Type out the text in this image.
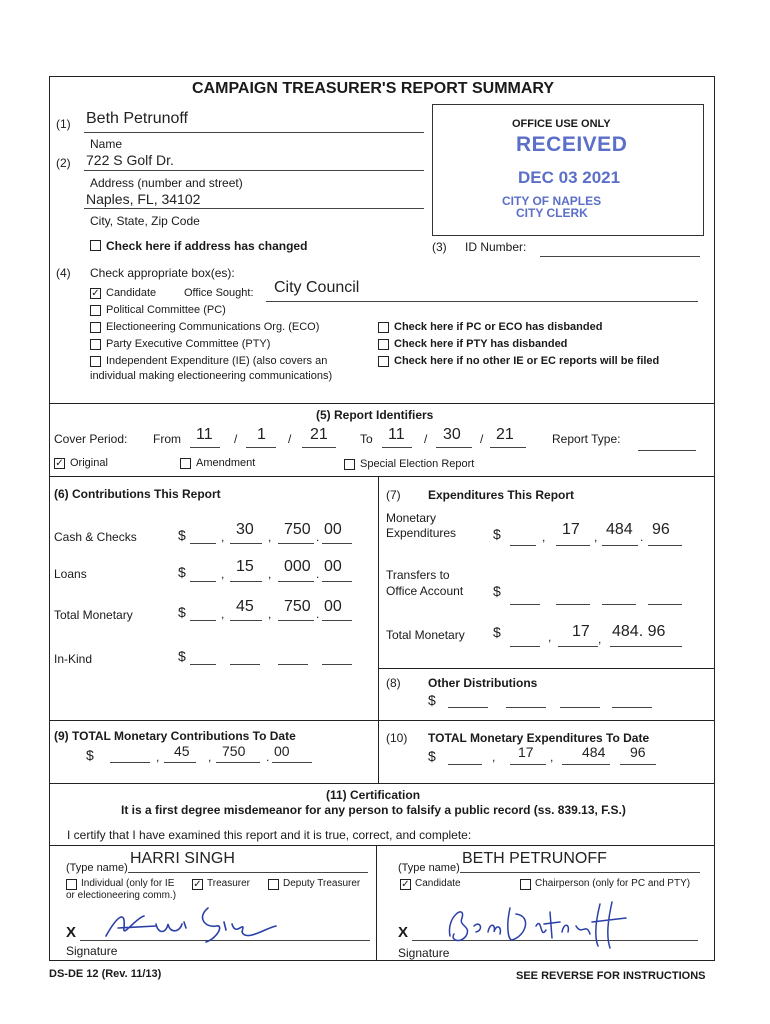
CAMPAIGN TREASURER'S REPORT SUMMARY
(1) Beth Petrunoff
Name
(2) 722 S Golf Dr.
Address (number and street)
Naples, FL, 34102
City, State, Zip Code
Check here if address has changed
OFFICE USE ONLY
RECEIVED
DEC 03 2021
CITY OF NAPLES
CITY CLERK
(3) ID Number:
(4) Check appropriate box(es):
✓ Candidate	Office Sought: City Council
Political Committee (PC)
Electioneering Communications Org. (ECO)
Party Executive Committee (PTY)
Independent Expenditure (IE) (also covers an
individual making electioneering communications)
Check here if PC or ECO has disbanded
Check here if PTY has disbanded
Check here if no other IE or EC reports will be filed
(5) Report Identifiers
Cover Period: From 11 / 1 / 21	To 11 / 30 / 21	Report Type:
✓ Original	Amendment	Special Election Report
(6) Contributions This Report
Cash & Checks	$	, 30 , 750 . 00
Loans	$	, 15 , 000 . 00
Total Monetary	$	, 45 , 750 . 00
In-Kind	$
(7) Expenditures This Report
Monetary
Expenditures	$	, 17 , 484 . 96
Transfers to
Office Account $
Total Monetary $	, 17 , 484. 96
(8) Other Distributions
$
(9) TOTAL Monetary Contributions To Date
$	, 45 , 750 . 00
(10) TOTAL Monetary Expenditures To Date
$	, 17 , 484 96
(11) Certification
It is a first degree misdemeanor for any person to falsify a public record (ss. 839.13, F.S.)
I certify that I have examined this report and it is true, correct, and complete:
(Type name)
HARRI SINGH
Individual (only for IE
or electioneering comm.)
✓ Treasurer	Deputy Treasurer
(Type name)
BETH PETRUNOFF
✓ Candidate	Chairperson (only for PC and PTY)
X
Signature
X
Signature
DS-DE 12 (Rev. 11/13)	SEE REVERSE FOR INSTRUCTIONS
